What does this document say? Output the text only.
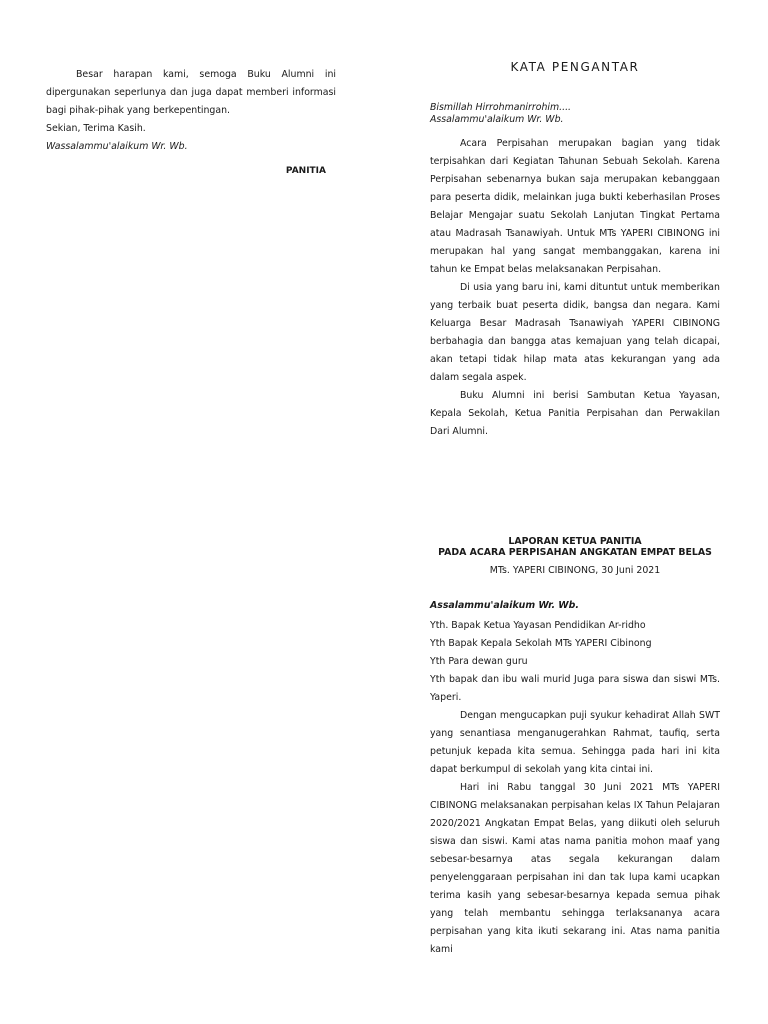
Besar harapan kami, semoga Buku Alumni ini dipergunakan seperlunya dan juga dapat memberi informasi bagi pihak-pihak yang berkepentingan.

Sekian, Terima Kasih.

Wassalammu'alaikum Wr. Wb.

PANITIA
KATA PENGANTAR
Bismillah Hirrohmanirrohim....
Assalammu'alaikum Wr. Wb.

Acara Perpisahan merupakan bagian yang tidak terpisahkan dari Kegiatan Tahunan Sebuah Sekolah. Karena Perpisahan sebenarnya bukan saja merupakan kebanggaan para peserta didik, melainkan juga bukti keberhasilan Proses Belajar Mengajar suatu Sekolah Lanjutan Tingkat Pertama atau Madrasah Tsanawiyah. Untuk MTs YAPERI CIBINONG ini merupakan hal yang sangat membanggakan, karena ini tahun ke Empat belas melaksanakan Perpisahan.

Di usia yang baru ini, kami dituntut untuk memberikan yang terbaik buat peserta didik, bangsa dan negara. Kami Keluarga Besar Madrasah Tsanawiyah YAPERI CIBINONG berbahagia dan bangga atas kemajuan yang telah dicapai, akan tetapi tidak hilap mata atas kekurangan yang ada dalam segala aspek.

Buku Alumni ini berisi Sambutan Ketua Yayasan, Kepala Sekolah, Ketua Panitia Perpisahan dan Perwakilan Dari Alumni.

LAPORAN KETUA PANITIA
PADA ACARA PERPISAHAN ANGKATAN EMPAT BELAS
MTs. YAPERI CIBINONG, 30 Juni 2021

Assalammu'alaikum Wr. Wb.

Yth. Bapak Ketua Yayasan Pendidikan Ar-ridho

Yth Bapak Kepala Sekolah MTs YAPERI Cibinong

Yth Para dewan guru

Yth bapak dan ibu wali murid Juga para siswa dan siswi MTs. Yaperi.

Dengan mengucapkan puji syukur kehadirat Allah SWT yang senantiasa menganugerahkan Rahmat, taufiq, serta petunjuk kepada kita semua. Sehingga pada hari ini kita dapat berkumpul di sekolah yang kita cintai ini.

Hari ini Rabu tanggal 30 Juni 2021 MTs YAPERI CIBINONG melaksanakan perpisahan kelas IX Tahun Pelajaran 2020/2021 Angkatan Empat Belas, yang diikuti oleh seluruh siswa dan siswi. Kami atas nama panitia mohon maaf yang sebesar-besarnya atas segala kekurangan dalam penyelenggaraan perpisahan ini dan tak lupa kami ucapkan terima kasih yang sebesar-besarnya kepada semua pihak yang telah membantu sehingga terlaksananya acara perpisahan yang kita ikuti sekarang ini. Atas nama panitia kami
